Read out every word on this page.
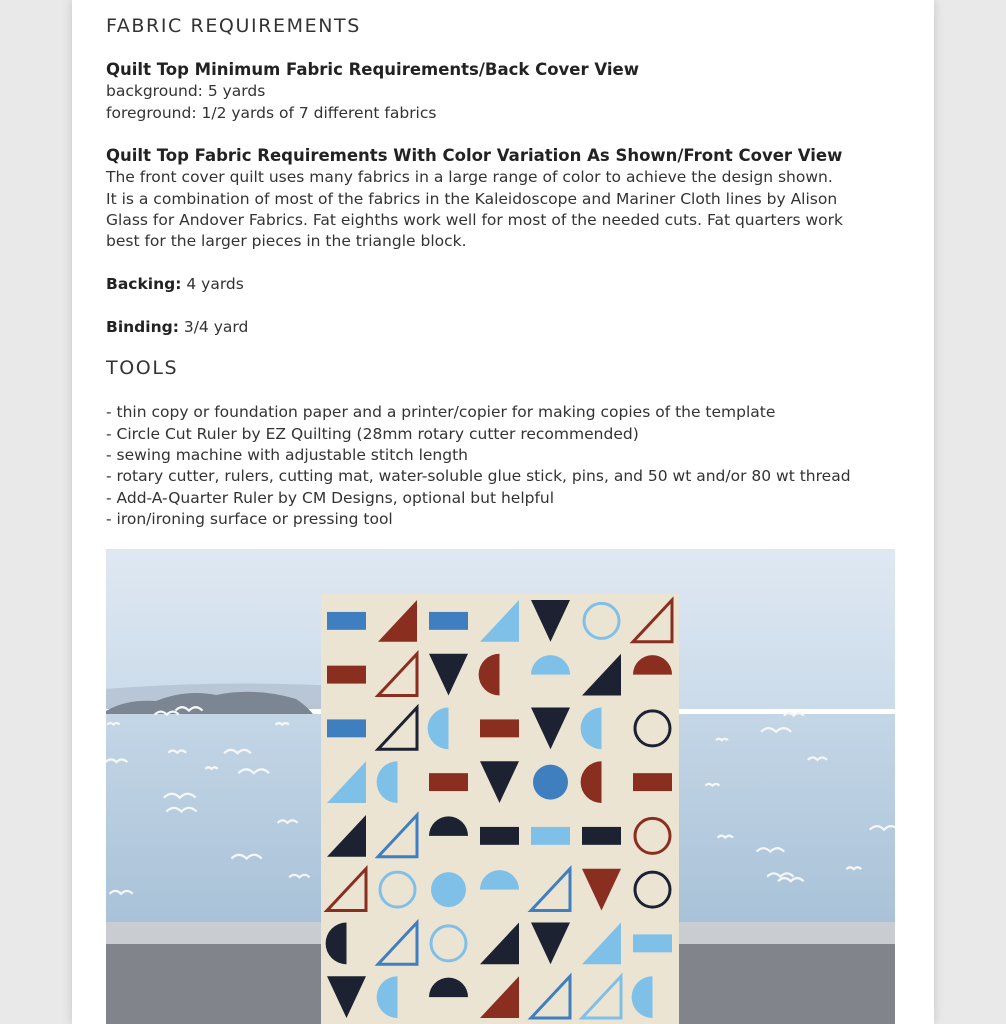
FABRIC REQUIREMENTS
Quilt Top Minimum Fabric Requirements/Back Cover View
background: 5 yards
foreground: 1/2 yards of 7 different fabrics
Quilt Top Fabric Requirements With Color Variation As Shown/Front Cover View
The front cover quilt uses many fabrics in a large range of color to achieve the design shown.
It is a combination of most of the fabrics in the Kaleidoscope and Mariner Cloth lines by Alison
Glass for Andover Fabrics. Fat eighths work well for most of the needed cuts. Fat quarters work
best for the larger pieces in the triangle block.
Backing: 4 yards
Binding: 3/4 yard
TOOLS
- thin copy or foundation paper and a printer/copier for making copies of the template
- Circle Cut Ruler by EZ Quilting (28mm rotary cutter recommended)
- sewing machine with adjustable stitch length
- rotary cutter, rulers, cutting mat, water-soluble glue stick, pins, and 50 wt and/or 80 wt thread
- Add-A-Quarter Ruler by CM Designs, optional but helpful
- iron/ironing surface or pressing tool
